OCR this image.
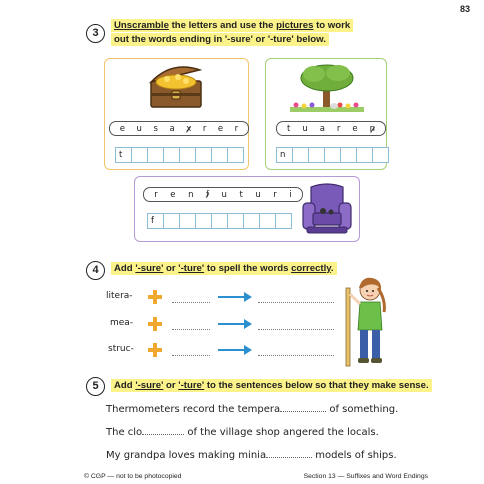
83
3
Unscramble the letters and use the pictures to work
out the words ending in '-sure' or '-ture' below.
e u s a x r e r
t
t u a r e n
n
r e n f u t u r i
f
4	Add '-sure' or '-ture' to spell the words correctly.
litera-
mea-
struc-
5	Add '-sure' or '-ture' to the sentences below so that they make sense.
Thermometers record the tempera	of something.
The clo	of the village shop angered the locals.
My grandpa loves making minia	models of ships.
© CGP — not to be photocopied	Section 13 — Suffixes and Word Endings
